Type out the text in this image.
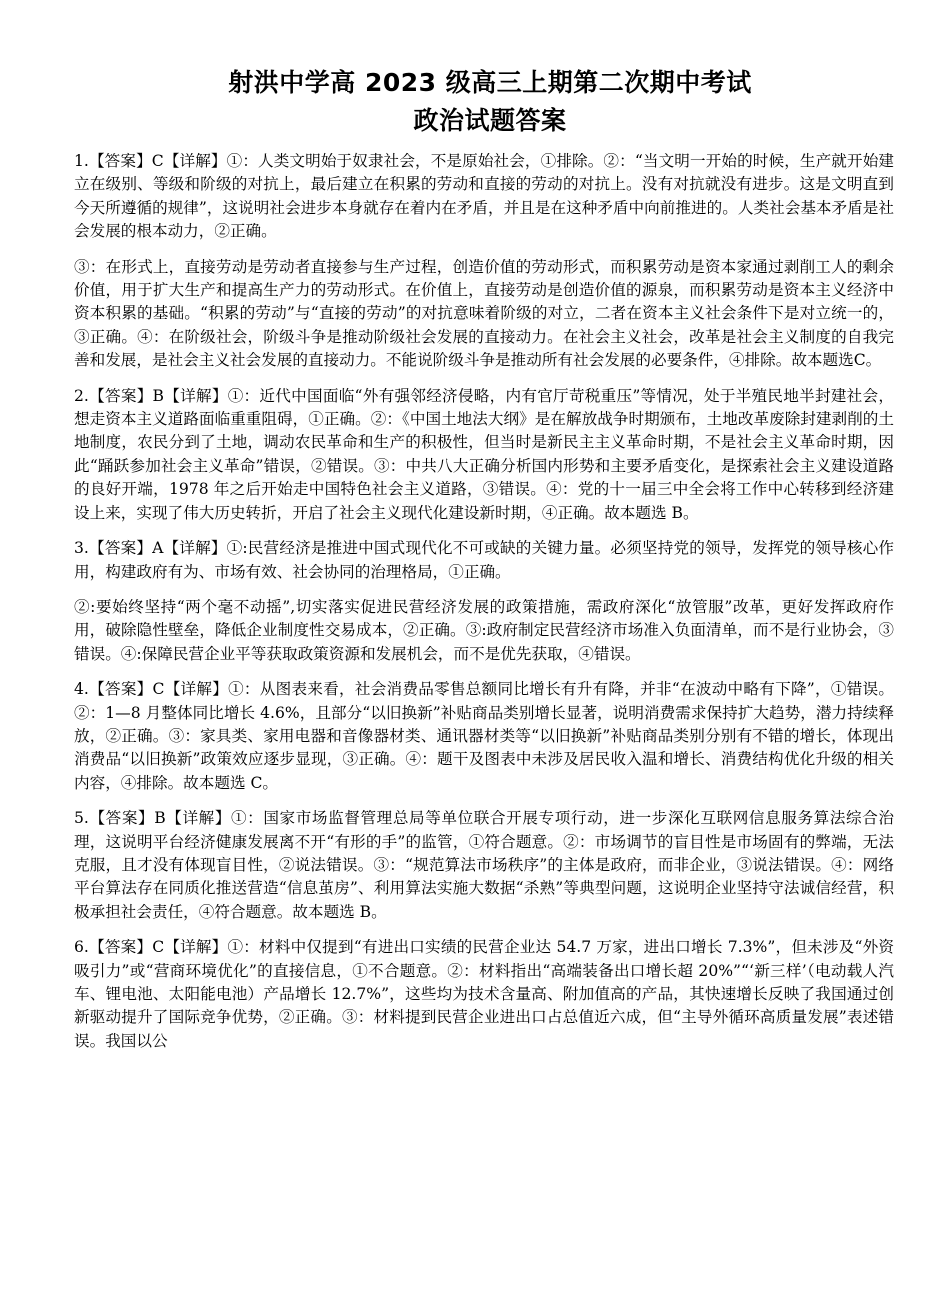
射洪中学高 2023 级高三上期第二次期中考试
政治试题答案

1.【答案】C【详解】①：人类文明始于奴隶社会，不是原始社会，①排除。②：“当文明一开始的时候，生产就开始建立在级别、等级和阶级的对抗上，最后建立在积累的劳动和直接的劳动的对抗上。没有对抗就没有进步。这是文明直到今天所遵循的规律”，这说明社会进步本身就存在着内在矛盾，并且是在这种矛盾中向前推进的。人类社会基本矛盾是社会发展的根本动力，②正确。

③：在形式上，直接劳动是劳动者直接参与生产过程，创造价值的劳动形式，而积累劳动是资本家通过剥削工人的剩余价值，用于扩大生产和提高生产力的劳动形式。在价值上，直接劳动是创造价值的源泉，而积累劳动是资本主义经济中资本积累的基础。“积累的劳动”与“直接的劳动”的对抗意味着阶级的对立，二者在资本主义社会条件下是对立统一的，③正确。④：在阶级社会，阶级斗争是推动阶级社会发展的直接动力。在社会主义社会，改革是社会主义制度的自我完善和发展，是社会主义社会发展的直接动力。不能说阶级斗争是推动所有社会发展的必要条件，④排除。故本题选C。

2.【答案】B【详解】①：近代中国面临“外有强邻经济侵略，内有官厅苛税重压”等情况，处于半殖民地半封建社会，想走资本主义道路面临重重阻碍，①正确。②：《中国土地法大纲》是在解放战争时期颁布，土地改革废除封建剥削的土地制度，农民分到了土地，调动农民革命和生产的积极性，但当时是新民主主义革命时期，不是社会主义革命时期，因此“踊跃参加社会主义革命”错误，②错误。③：中共八大正确分析国内形势和主要矛盾变化，是探索社会主义建设道路的良好开端，1978 年之后开始走中国特色社会主义道路，③错误。④：党的十一届三中全会将工作中心转移到经济建设上来，实现了伟大历史转折，开启了社会主义现代化建设新时期，④正确。故本题选 B。

3.【答案】A【详解】①:民营经济是推进中国式现代化不可或缺的关键力量。必须坚持党的领导，发挥党的领导核心作用，构建政府有为、市场有效、社会协同的治理格局，①正确。

②:要始终坚持“两个毫不动摇”,切实落实促进民营经济发展的政策措施，需政府深化“放管服”改革，更好发挥政府作用，破除隐性壁垒，降低企业制度性交易成本，②正确。③:政府制定民营经济市场准入负面清单，而不是行业协会，③错误。④:保障民营企业平等获取政策资源和发展机会，而不是优先获取，④错误。

4.【答案】C【详解】①：从图表来看，社会消费品零售总额同比增长有升有降，并非“在波动中略有下降”，①错误。②：1—8 月整体同比增长 4.6%，且部分“以旧换新”补贴商品类别增长显著，说明消费需求保持扩大趋势，潜力持续释放，②正确。③：家具类、家用电器和音像器材类、通讯器材类等“以旧换新”补贴商品类别分别有不错的增长，体现出消费品“以旧换新”政策效应逐步显现，③正确。④：题干及图表中未涉及居民收入温和增长、消费结构优化升级的相关内容，④排除。故本题选 C。

5.【答案】B【详解】①：国家市场监督管理总局等单位联合开展专项行动，进一步深化互联网信息服务算法综合治理，这说明平台经济健康发展离不开“有形的手”的监管，①符合题意。②：市场调节的盲目性是市场固有的弊端，无法克服，且才没有体现盲目性，②说法错误。③：“规范算法市场秩序”的主体是政府，而非企业，③说法错误。④：网络平台算法存在同质化推送营造“信息茧房”、利用算法实施大数据“杀熟”等典型问题，这说明企业坚持守法诚信经营，积极承担社会责任，④符合题意。故本题选 B。

6.【答案】C【详解】①：材料中仅提到“有进出口实绩的民营企业达 54.7 万家，进出口增长 7.3%”，但未涉及“外资吸引力”或“营商环境优化”的直接信息，①不合题意。②：材料指出“高端装备出口增长超 20%”“‘新三样’（电动载人汽车、锂电池、太阳能电池）产品增长 12.7%”，这些均为技术含量高、附加值高的产品，其快速增长反映了我国通过创新驱动提升了国际竞争优势，②正确。③：材料提到民营企业进出口占总值近六成，但“主导外循环高质量发展”表述错误。我国以公
